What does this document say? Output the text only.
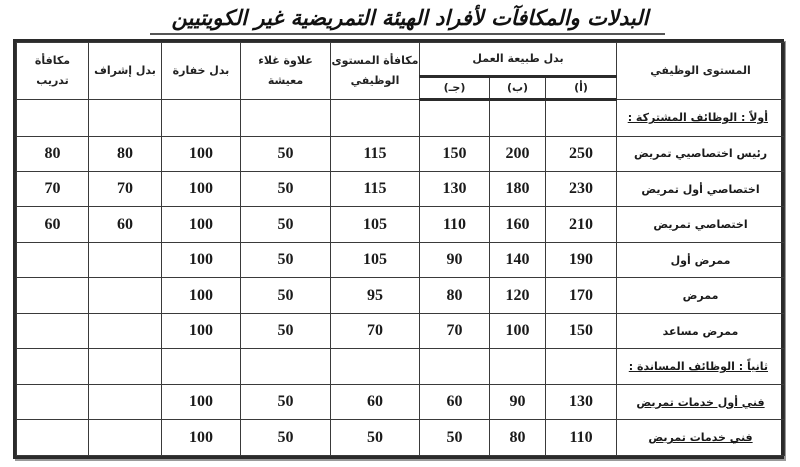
البدلات والمكافآت لأفراد الهيئة التمريضية غير الكويتيين
المستوى الوظيفي	بدل طبيعة العمل			مكافأة المستوى الوظيفي	علاوة غلاء معيشة	بدل خفارة	بدل إشراف	مكافأة تدريب
	(أ)	(ب)	(جـ)					
أولاً : الوظائف المشتركة :								
رئيس اختصاصيي تمريض	250	200	150	115	50	100	80	80
اختصاصي أول تمريض	230	180	130	115	50	100	70	70
اختصاصي تمريض	210	160	110	105	50	100	60	60
ممرض أول	190	140	90	105	50	100		
ممرض	170	120	80	95	50	100		
ممرض مساعد	150	100	70	70	50	100		
ثانياً : الوظائف المساندة :								
فني أول خدمات تمريض	130	90	60	60	50	100		
فني خدمات تمريض	110	80	50	50	50	100		
